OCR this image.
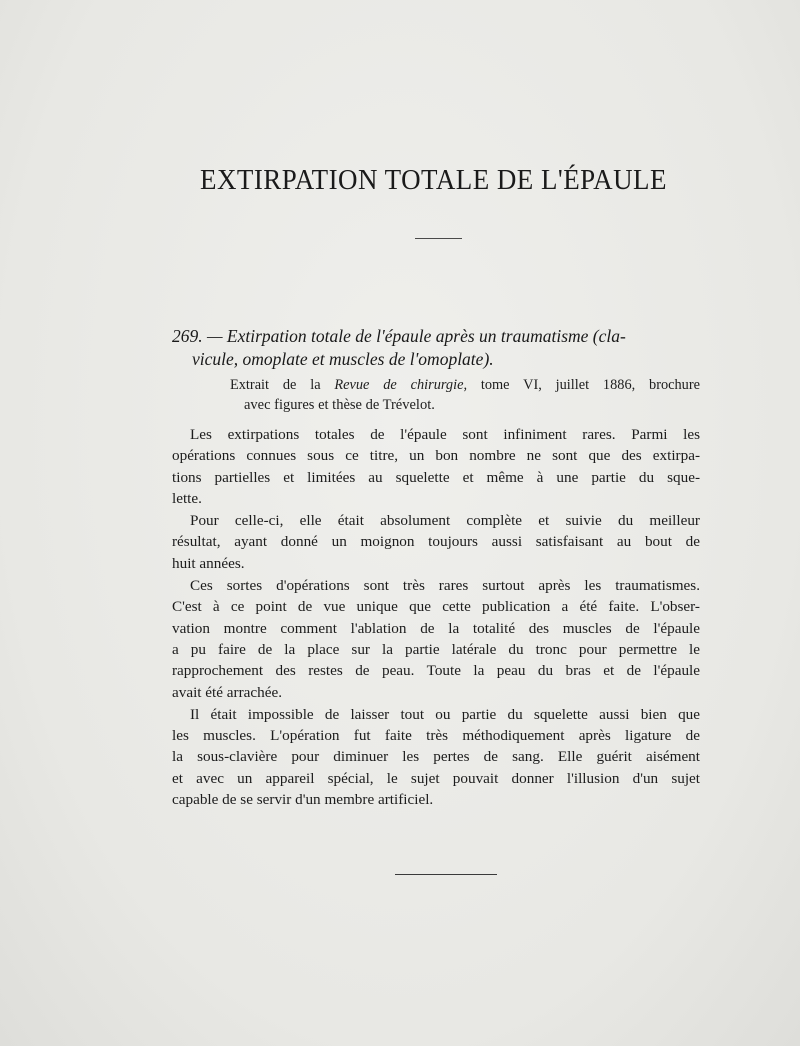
EXTIRPATION TOTALE DE L'ÉPAULE
269. — Extirpation totale de l'épaule après un traumatisme (cla-
vicule, omoplate et muscles de l'omoplate).
Extrait de la Revue de chirurgie, tome VI, juillet 1886, brochure
avec figures et thèse de Trévelot.
Les extirpations totales de l'épaule sont infiniment rares. Parmi les
opérations connues sous ce titre, un bon nombre ne sont que des extirpa-
tions partielles et limitées au squelette et même à une partie du sque-
lette.
Pour celle-ci, elle était absolument complète et suivie du meilleur
résultat, ayant donné un moignon toujours aussi satisfaisant au bout de
huit années.
Ces sortes d'opérations sont très rares surtout après les traumatismes.
C'est à ce point de vue unique que cette publication a été faite. L'obser-
vation montre comment l'ablation de la totalité des muscles de l'épaule
a pu faire de la place sur la partie latérale du tronc pour permettre le
rapprochement des restes de peau. Toute la peau du bras et de l'épaule
avait été arrachée.
Il était impossible de laisser tout ou partie du squelette aussi bien que
les muscles. L'opération fut faite très méthodiquement après ligature de
la sous-clavière pour diminuer les pertes de sang. Elle guérit aisément
et avec un appareil spécial, le sujet pouvait donner l'illusion d'un sujet
capable de se servir d'un membre artificiel.
